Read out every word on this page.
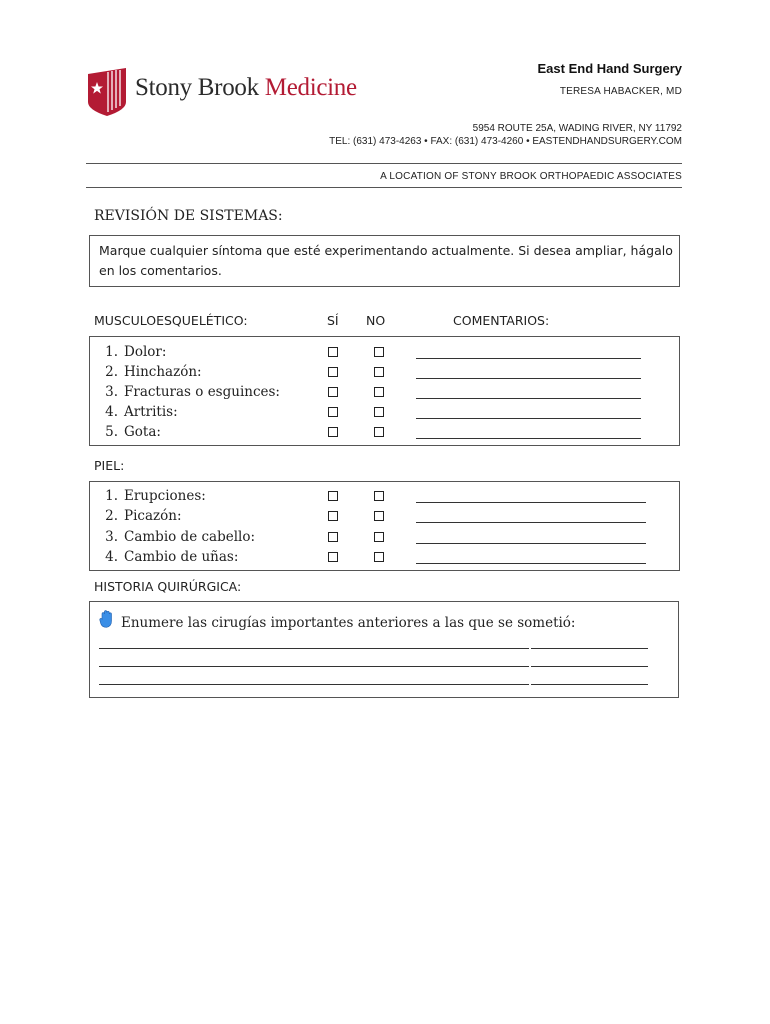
Stony Brook Medicine
East End Hand Surgery
TERESA HABACKER, MD
5954 ROUTE 25A, WADING RIVER, NY 11792
TEL: (631) 473-4263 • FAX: (631) 473-4260 • EASTENDHANDSURGERY.COM
A LOCATION OF STONY BROOK ORTHOPAEDIC ASSOCIATES
REVISIÓN DE SISTEMAS:
Marque cualquier síntoma que esté experimentando actualmente. Si desea ampliar, hágalo en los comentarios.
MUSCULOESQUELÉTICO:	SÍ NO	COMENTARIOS:
1. Dolor:
2. Hinchazón:
3. Fracturas o esguinces:
4. Artritis:
5. Gota:
PIEL:
1. Erupciones:
2. Picazón:
3. Cambio de cabello:
4. Cambio de uñas:
HISTORIA QUIRÚRGICA:
Enumere las cirugías importantes anteriores a las que se sometió:
